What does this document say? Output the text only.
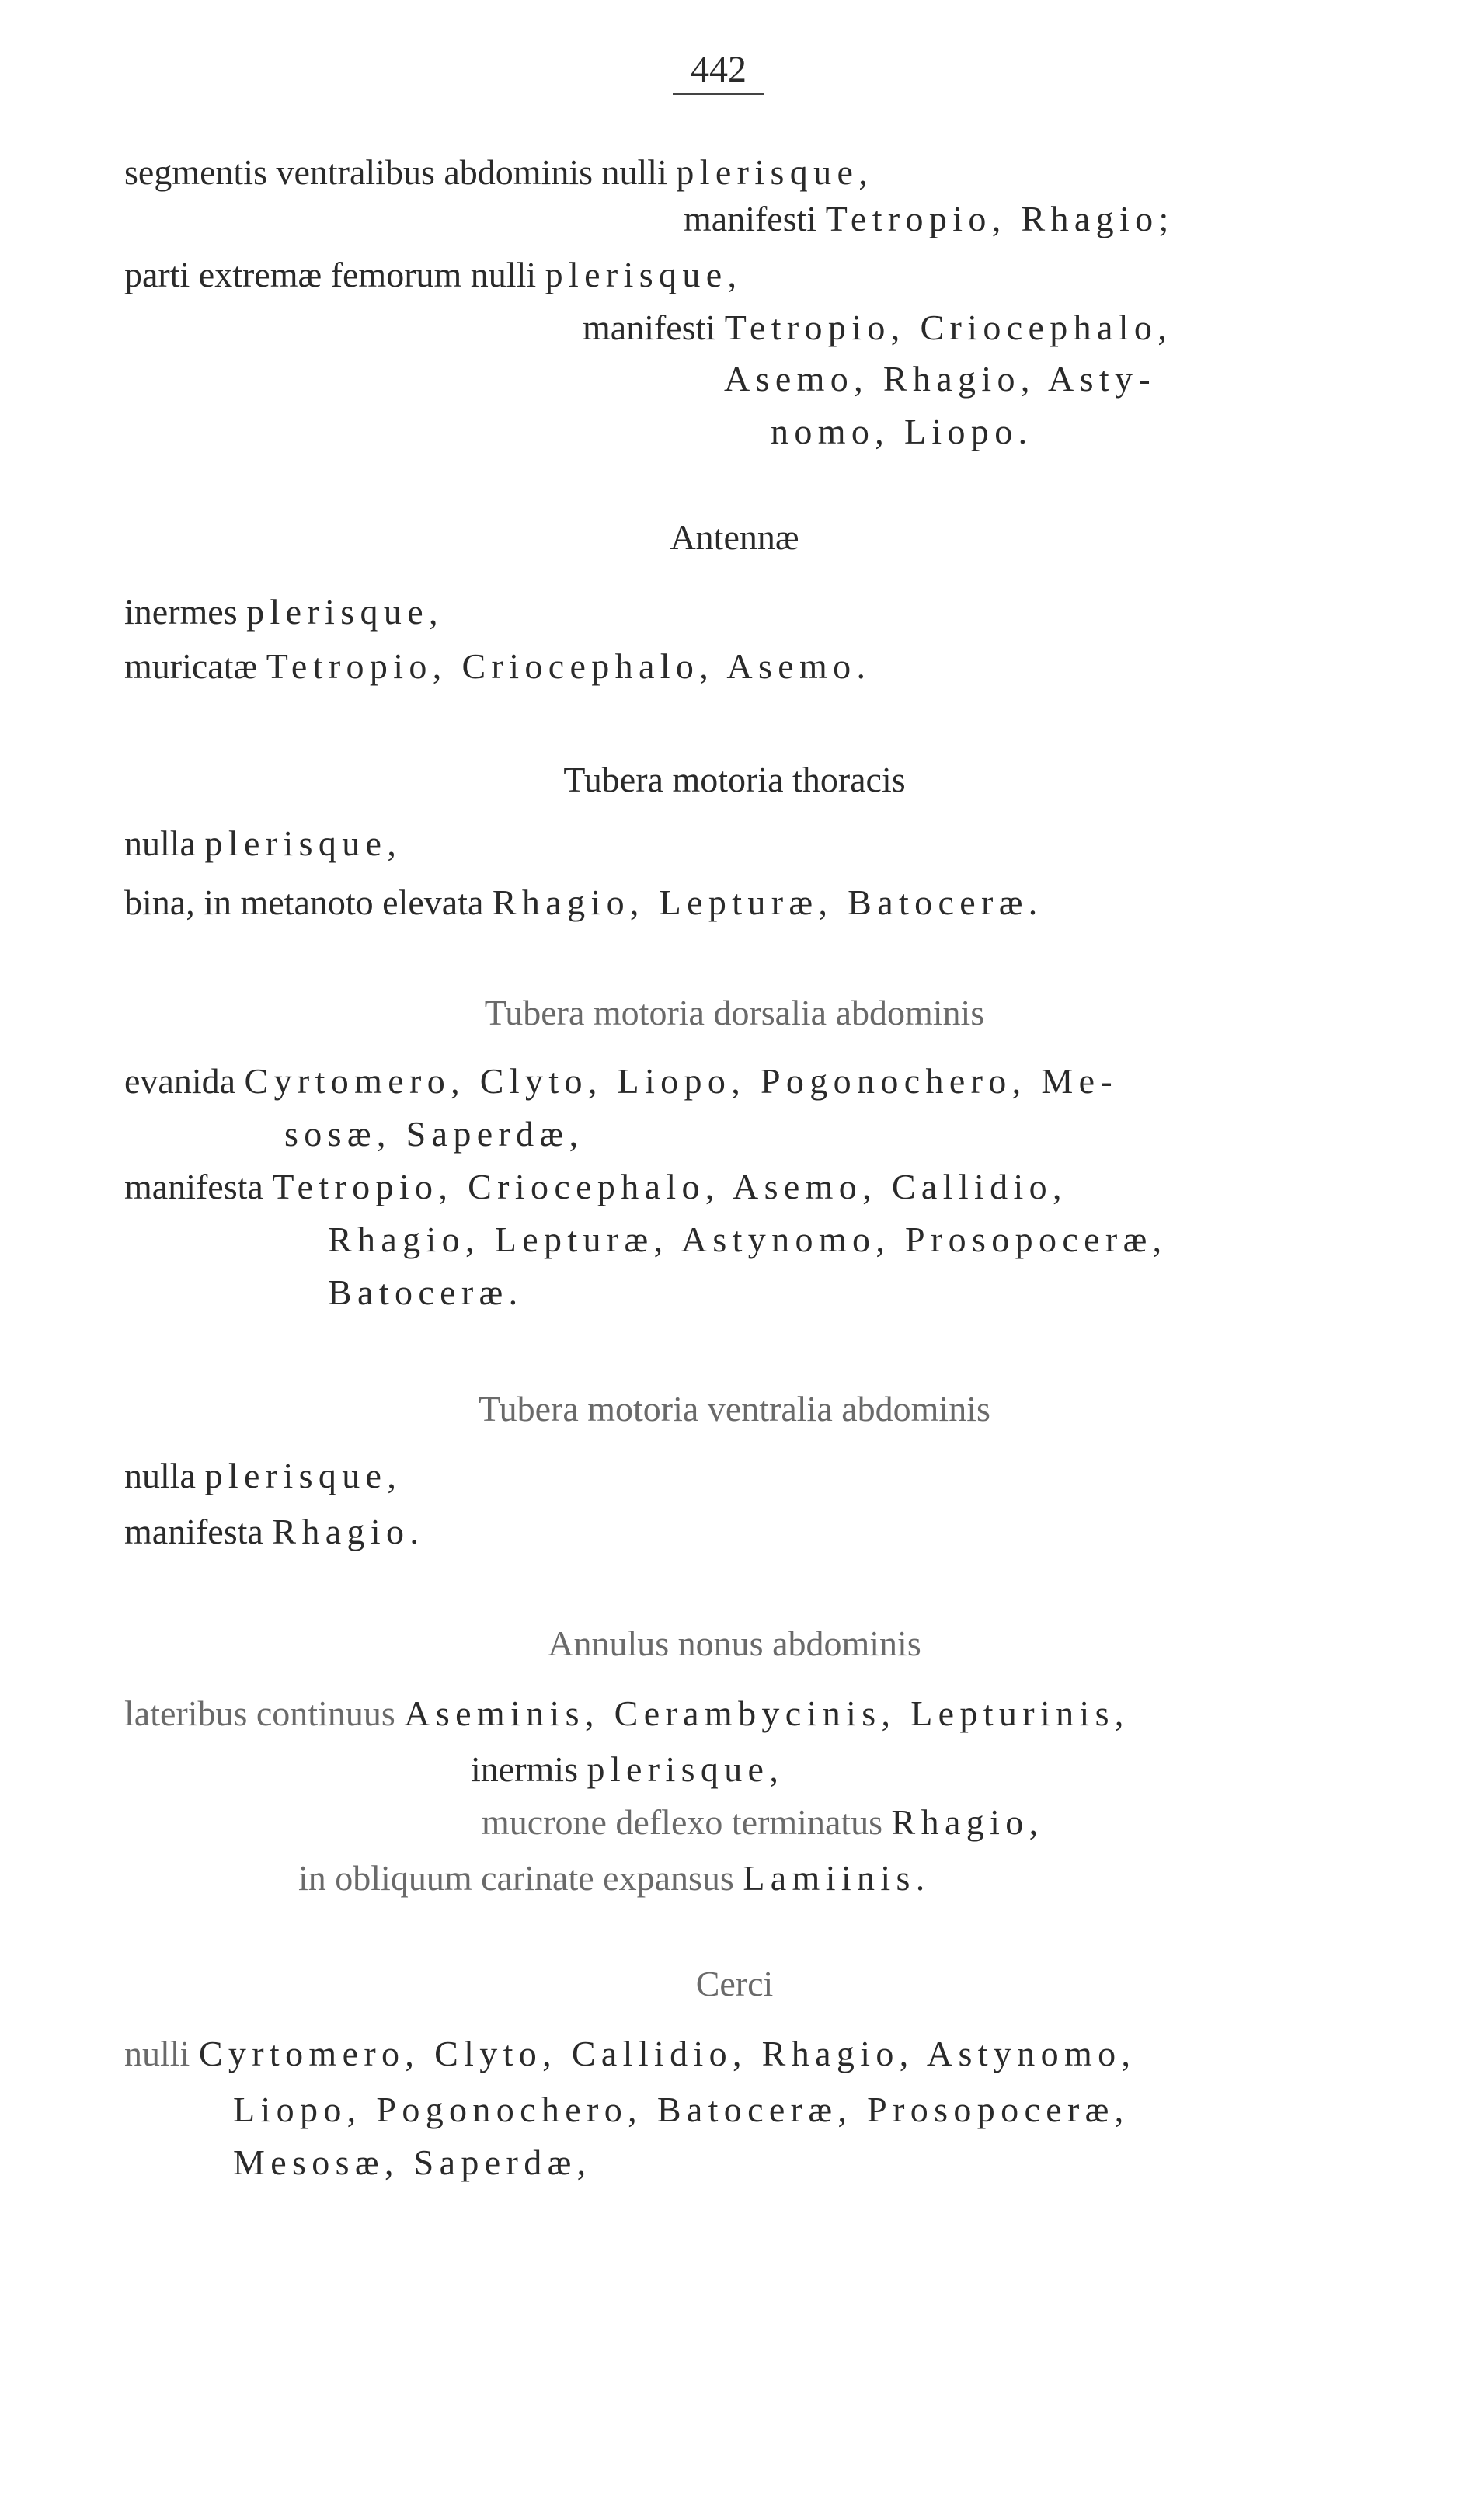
442
segmentis ventralibus abdominis nulli plerisque,
manifesti Tetropio, Rhagio;
parti extremæ femorum nulli plerisque,
manifesti Tetropio, Criocephalo,
Asemo, Rhagio, Asty-
nomo, Liopo.
Antennæ
inermes plerisque,
muricatæ Tetropio, Criocephalo, Asemo.
Tubera motoria thoracis
nulla plerisque,
bina, in metanoto elevata Rhagio, Lepturæ, Batoceræ.
Tubera motoria dorsalia abdominis
evanida Cyrtomero, Clyto, Liopo, Pogonochero, Me-
sosæ, Saperdæ,
manifesta Tetropio, Criocephalo, Asemo, Callidio,
Rhagio, Lepturæ, Astynomo, Prosopoceræ,
Batoceræ.
Tubera motoria ventralia abdominis
nulla plerisque,
manifesta Rhagio.
Annulus nonus abdominis
lateribus continuus Aseminis, Cerambycinis, Lepturinis,
inermis plerisque,
mucrone deflexo terminatus Rhagio,
in obliquum carinate expansus Lamiinis.
Cerci
nulli Cyrtomero, Clyto, Callidio, Rhagio, Astynomo,
Liopo, Pogonochero, Batoceræ, Prosopoceræ,
Mesosæ, Saperdæ,
